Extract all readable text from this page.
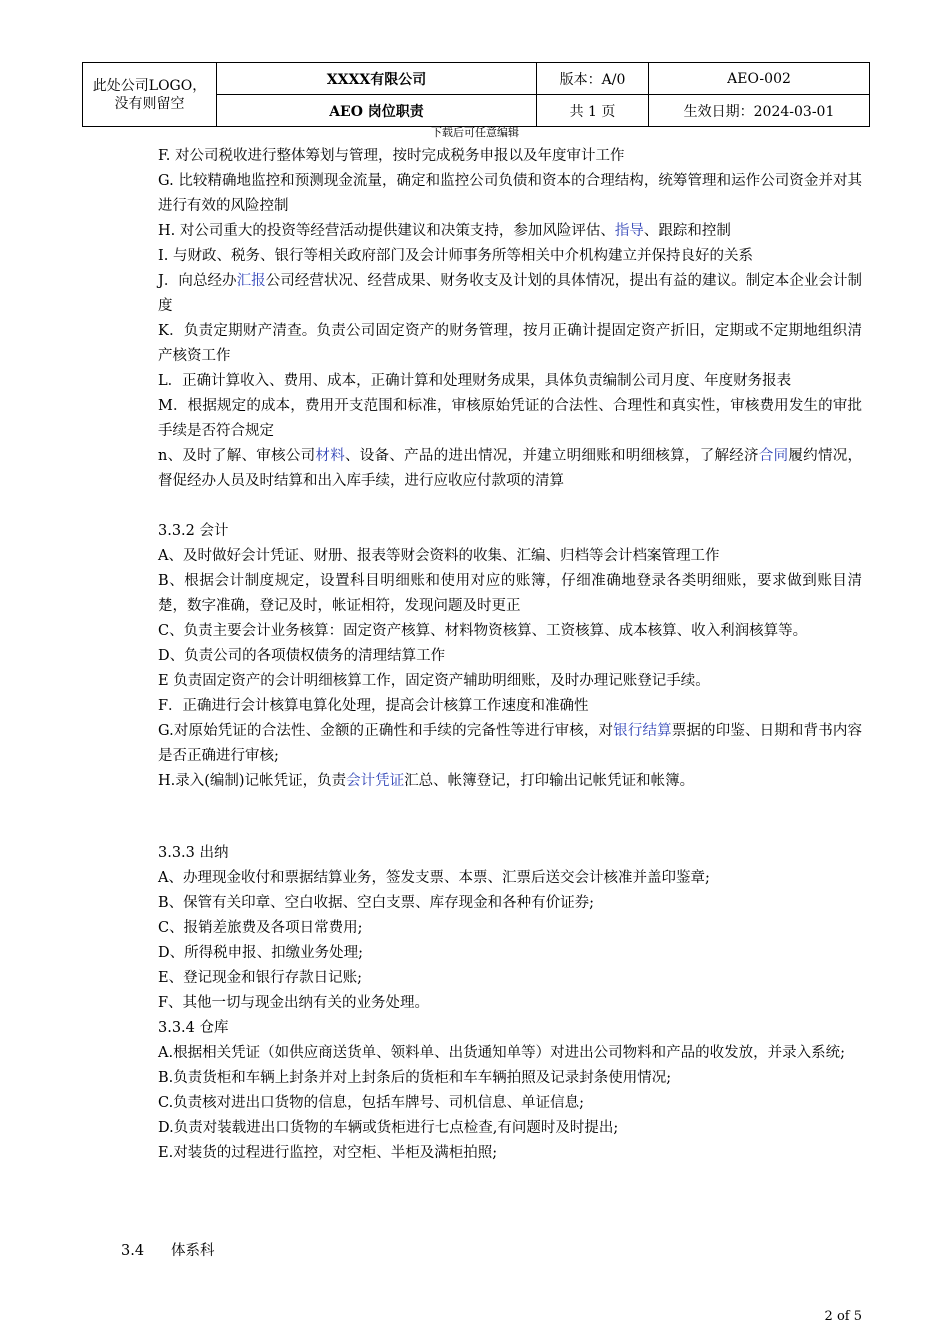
此处公司LOGO，
没有则留空	XXXX有限公司	版本：A/0	AEO-002
	AEO 岗位职责	共 1 页	生效日期：2024-03-01
下载后可任意编辑

F. 对公司税收进行整体筹划与管理，按时完成税务申报以及年度审计工作

G. 比较精确地监控和预测现金流量，确定和监控公司负债和资本的合理结构，统筹管理和运作公司资金并对其进行有效的风险控制

H. 对公司重大的投资等经营活动提供建议和决策支持，参加风险评估、指导、跟踪和控制

I. 与财政、税务、银行等相关政府部门及会计师事务所等相关中介机构建立并保持良好的关系

J．向总经办汇报公司经营状况、经营成果、财务收支及计划的具体情况，提出有益的建议。制定本企业会计制度

K．负责定期财产清查。负责公司固定资产的财务管理，按月正确计提固定资产折旧，定期或不定期地组织清产核资工作

L．正确计算收入、费用、成本，正确计算和处理财务成果，具体负责编制公司月度、年度财务报表

M．根据规定的成本，费用开支范围和标准，审核原始凭证的合法性、合理性和真实性，审核费用发生的审批手续是否符合规定

n、及时了解、审核公司材料、设备、产品的进出情况，并建立明细账和明细核算，了解经济合同履约情况，督促经办人员及时结算和出入库手续，进行应收应付款项的清算

3.3.2 会计

A、及时做好会计凭证、财册、报表等财会资料的收集、汇编、归档等会计档案管理工作

B、根据会计制度规定，设置科目明细账和使用对应的账簿，仔细准确地登录各类明细账，要求做到账目清楚，数字准确，登记及时，帐证相符，发现问题及时更正

C、负责主要会计业务核算：固定资产核算、材料物资核算、工资核算、成本核算、收入利润核算等。

D、负责公司的各项债权债务的清理结算工作

E 负责固定资产的会计明细核算工作，固定资产辅助明细账，及时办理记账登记手续。

F．正确进行会计核算电算化处理，提高会计核算工作速度和准确性

G.对原始凭证的合法性、金额的正确性和手续的完备性等进行审核，对银行结算票据的印鉴、日期和背书内容是否正确进行审核;

H.录入(编制)记帐凭证，负责会计凭证汇总、帐簿登记，打印输出记帐凭证和帐簿。

3.3.3 出纳

A、办理现金收付和票据结算业务，签发支票、本票、汇票后送交会计核准并盖印鉴章;

B、保管有关印章、空白收据、空白支票、库存现金和各种有价证券;

C、报销差旅费及各项日常费用;

D、所得税申报、扣缴业务处理;

E、登记现金和银行存款日记账;

F、其他一切与现金出纳有关的业务处理。

3.3.4 仓库

A.根据相关凭证（如供应商送货单、领料单、出货通知单等）对进出公司物料和产品的收发放，并录入系统;

B.负责货柜和车辆上封条并对上封条后的货柜和车车辆拍照及记录封条使用情况;

C.负责核对进出口货物的信息，包括车牌号、司机信息、单证信息;

D.负责对装载进出口货物的车辆或货柜进行七点检查,有问题时及时提出;

E.对装货的过程进行监控，对空柜、半柜及满柜拍照;

3.4 体系科
2 of 5
